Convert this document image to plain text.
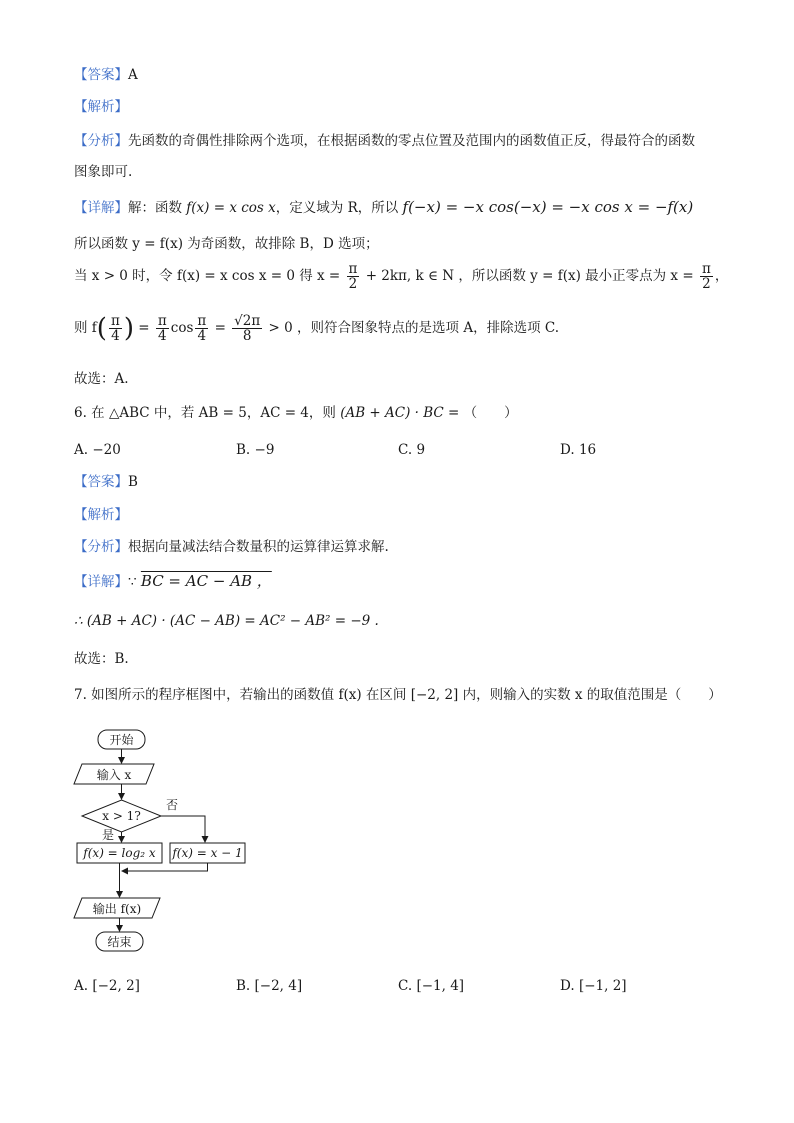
【答案】A
【解析】
【分析】先函数的奇偶性排除两个选项，在根据函数的零点位置及范围内的函数值正反，得最符合的函数
图象即可.
【详解】解：函数 f(x) = x cos x，定义域为 R，所以 f(−x) = −x cos(−x) = −x cos x = −f(x)
所以函数 y = f(x) 为奇函数，故排除 B，D 选项；
当 x > 0 时，令 f(x) = x cos x = 0 得 $x = \frac{\pi}{2} + 2k\pi$, k ∈ N ，所以函数 y = f(x) 最小正零点为 $x = \frac{\pi}{2}$ ，
则 $f( \frac{\pi}{4}$ ) = $\frac{\pi}{4}$ $\cos \frac{\pi}{4} = \frac{√2\pi}{8} > 0$ ，则符合图象特点的是选项 A，排除选项 C.
故选：A.
6. 在 △ABC 中，若 AB = 5，AC = 4，则 (AB + AC) · BC = （　　）
A. −20	B. −9	C. 9	D. 16
【答案】B
【解析】
【分析】根据向量减法结合数量积的运算律运算求解.
【详解】∵ BC = AC − AB ，
∴ (AB + AC) · (AC − AB) = AC² − AB² = −9 .
故选：B.
7. 如图所示的程序框图中，若输出的函数值 f(x) 在区间 [−2, 2] 内，则输入的实数 x 的取值范围是（　　）
开始
输入 x
x > 1?
否
是
f(x) = log₂ x f(x) = x − 1
输出 f(x)
结束
A. [−2, 2]	B. [−2, 4]	C. [−1, 4]	D. [−1, 2]
